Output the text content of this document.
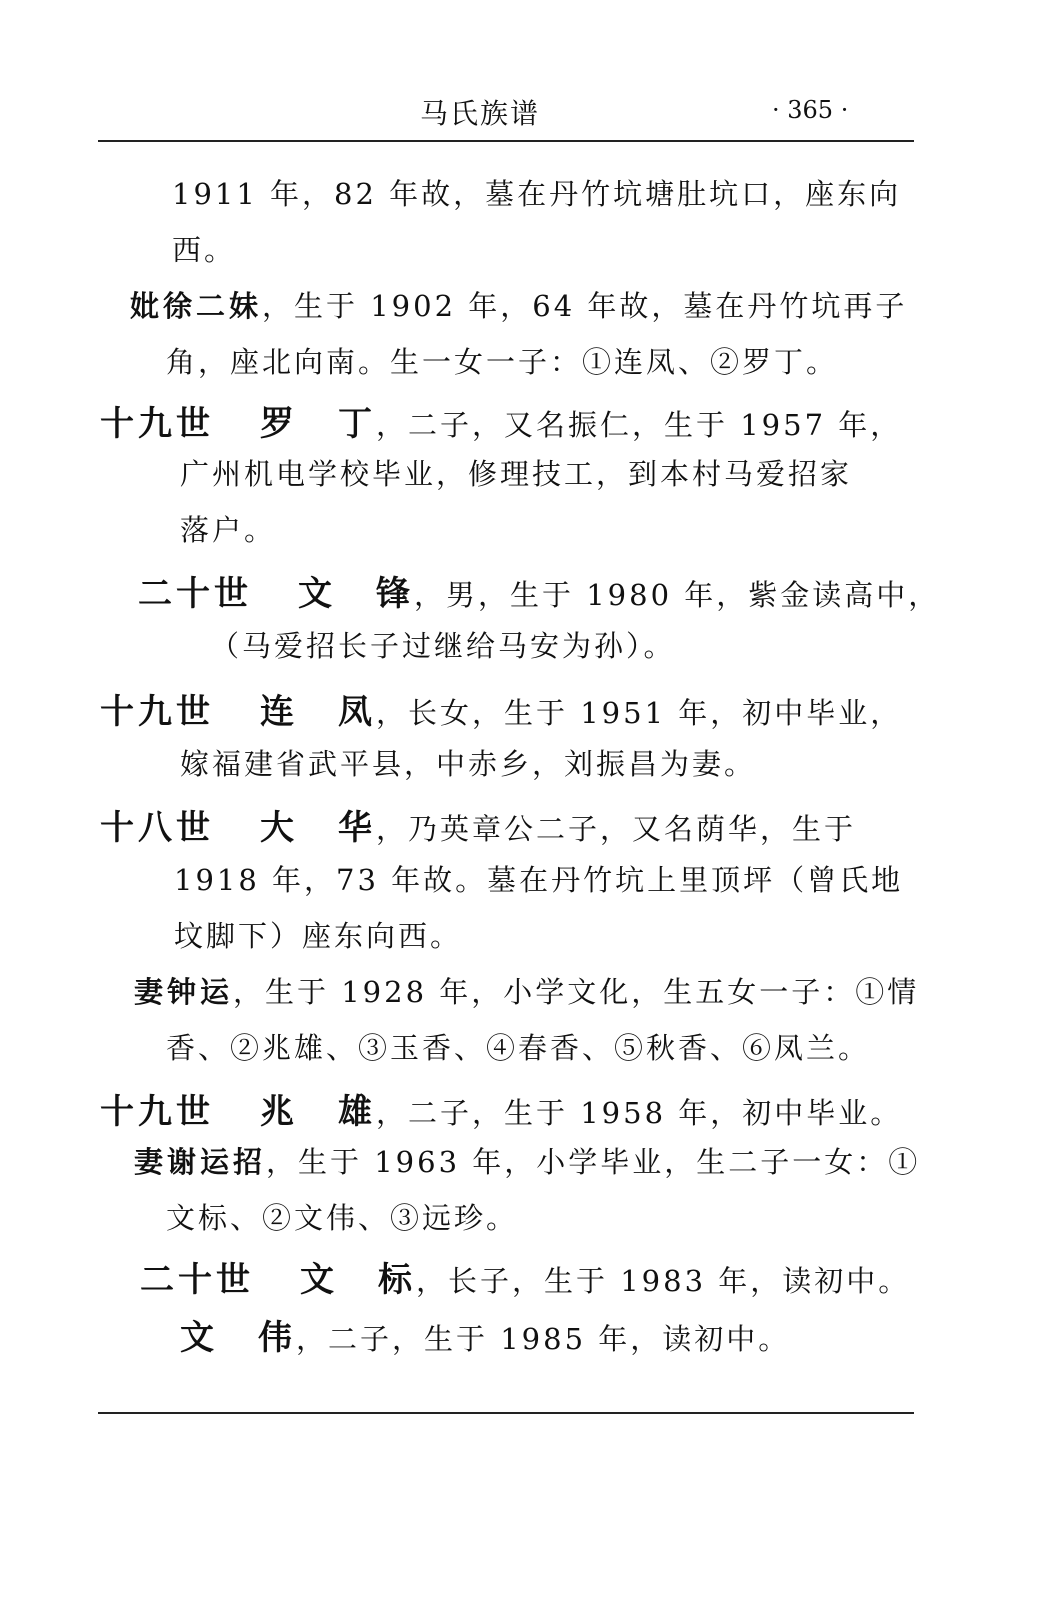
马氏族谱	· 365 ·
1911 年，82 年故，墓在丹竹坑塘肚坑口，座东向
西。
妣徐二妹，生于 1902 年，64 年故，墓在丹竹坑再子
角，座北向南。生一女一子：①连凤、②罗丁。
十九世 罗 丁，二子，又名振仁，生于 1957 年，
广州机电学校毕业，修理技工，到本村马爱招家
落户。
二十世 文 锋，男，生于 1980 年，紫金读高中，
（马爱招长子过继给马安为孙）。
十九世 连 凤，长女，生于 1951 年，初中毕业，
嫁福建省武平县，中赤乡，刘振昌为妻。
十八世 大 华，乃英章公二子，又名荫华，生于
1918 年，73 年故。墓在丹竹坑上里顶坪（曾氏地
坟脚下）座东向西。
妻钟运，生于 1928 年，小学文化，生五女一子：①情
香、②兆雄、③玉香、④春香、⑤秋香、⑥凤兰。
十九世 兆 雄，二子，生于 1958 年，初中毕业。
妻谢运招，生于 1963 年，小学毕业，生二子一女：①
文标、②文伟、③远珍。
二十世 文 标，长子，生于 1983 年，读初中。
文 伟，二子，生于 1985 年，读初中。
